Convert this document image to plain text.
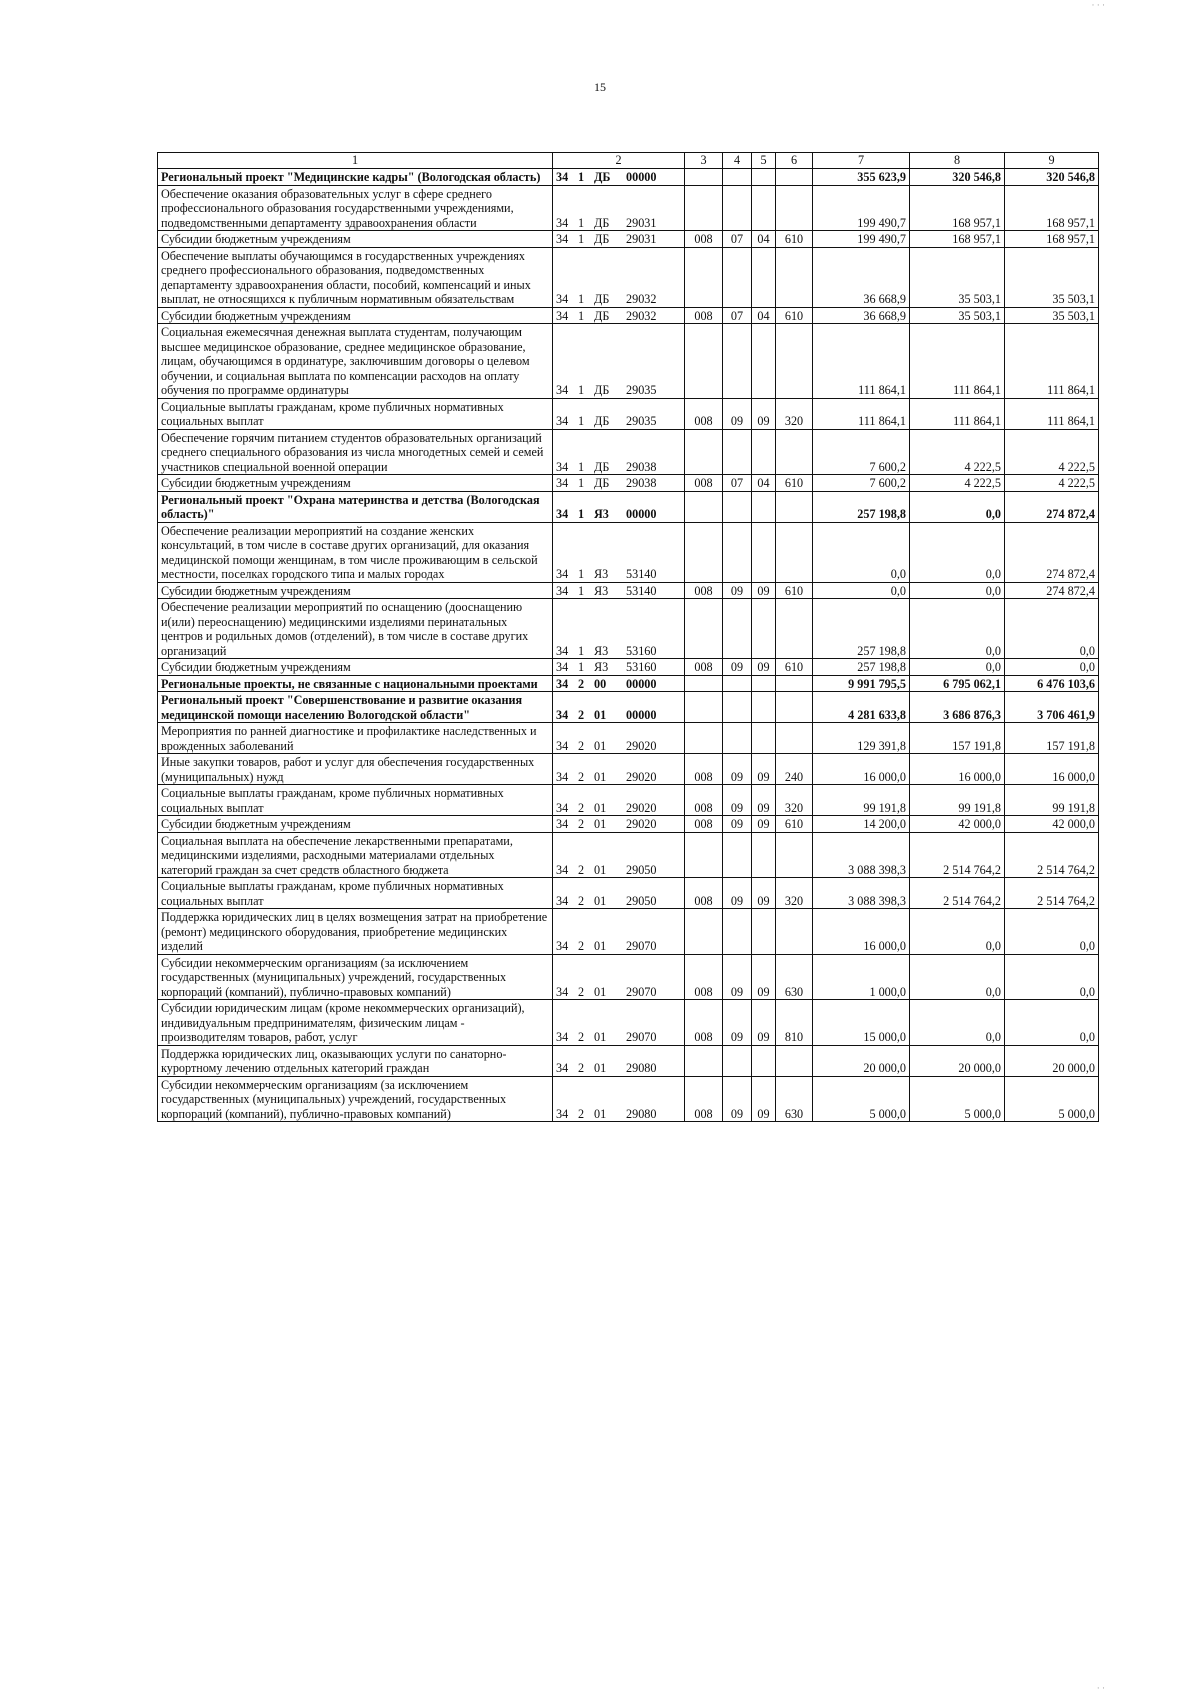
· · ·
15
1	2	3	4	5	6	7	8	9
Региональный проект "Медицинские кадры" (Вологодская область)	34 1 ДБ 00000					355 623,9	320 546,8	320 546,8
Обеспечение оказания образовательных услуг в сфере среднего профессионального образования государственными учреждениями, подведомственными департаменту здравоохранения области	34 1 ДБ 29031					199 490,7	168 957,1	168 957,1
Субсидии бюджетным учреждениям	34 1 ДБ 29031	008	07	04	610	199 490,7	168 957,1	168 957,1
Обеспечение выплаты обучающимся в государственных учреждениях среднего профессионального образования, подведомственных департаменту здравоохранения области, пособий, компенсаций и иных выплат, не относящихся к публичным нормативным обязательствам	34 1 ДБ 29032					36 668,9	35 503,1	35 503,1
Субсидии бюджетным учреждениям	34 1 ДБ 29032	008	07	04	610	36 668,9	35 503,1	35 503,1
Социальная ежемесячная денежная выплата студентам, получающим высшее медицинское образование, среднее медицинское образование, лицам, обучающимся в ординатуре, заключившим договоры о целевом обучении, и социальная выплата по компенсации расходов на оплату обучения по программе ординатуры	34 1 ДБ 29035					111 864,1	111 864,1	111 864,1
Социальные выплаты гражданам, кроме публичных нормативных социальных выплат	34 1 ДБ 29035	008	09	09	320	111 864,1	111 864,1	111 864,1
Обеспечение горячим питанием студентов образовательных организаций среднего специального образования из числа многодетных семей и семей участников специальной военной операции	34 1 ДБ 29038					7 600,2	4 222,5	4 222,5
Субсидии бюджетным учреждениям	34 1 ДБ 29038	008	07	04	610	7 600,2	4 222,5	4 222,5
Региональный проект "Охрана материнства и детства (Вологодская область)"	34 1 Я3 00000					257 198,8	0,0	274 872,4
Обеспечение реализации мероприятий на создание женских консультаций, в том числе в составе других организаций, для оказания медицинской помощи женщинам, в том числе проживающим в сельской местности, поселках городского типа и малых городах	34 1 Я3 53140					0,0	0,0	274 872,4
Субсидии бюджетным учреждениям	34 1 Я3 53140	008	09	09	610	0,0	0,0	274 872,4
Обеспечение реализации мероприятий по оснащению (дооснащению и(или) переоснащению) медицинскими изделиями перинатальных центров и родильных домов (отделений), в том числе в составе других организаций	34 1 Я3 53160					257 198,8	0,0	0,0
Субсидии бюджетным учреждениям	34 1 Я3 53160	008	09	09	610	257 198,8	0,0	0,0
Региональные проекты, не связанные с национальными проектами	34 2 00 00000					9 991 795,5	6 795 062,1	6 476 103,6
Региональный проект "Совершенствование и развитие оказания медицинской помощи населению Вологодской области"	34 2 01 00000					4 281 633,8	3 686 876,3	3 706 461,9
Мероприятия по ранней диагностике и профилактике наследственных и врожденных заболеваний	34 2 01 29020					129 391,8	157 191,8	157 191,8
Иные закупки товаров, работ и услуг для обеспечения государственных (муниципальных) нужд	34 2 01 29020	008	09	09	240	16 000,0	16 000,0	16 000,0
Социальные выплаты гражданам, кроме публичных нормативных социальных выплат	34 2 01 29020	008	09	09	320	99 191,8	99 191,8	99 191,8
Субсидии бюджетным учреждениям	34 2 01 29020	008	09	09	610	14 200,0	42 000,0	42 000,0
Социальная выплата на обеспечение лекарственными препаратами, медицинскими изделиями, расходными материалами отдельных категорий граждан за счет средств областного бюджета	34 2 01 29050					3 088 398,3	2 514 764,2	2 514 764,2
Социальные выплаты гражданам, кроме публичных нормативных социальных выплат	34 2 01 29050	008	09	09	320	3 088 398,3	2 514 764,2	2 514 764,2
Поддержка юридических лиц в целях возмещения затрат на приобретение (ремонт) медицинского оборудования, приобретение медицинских изделий	34 2 01 29070					16 000,0	0,0	0,0
Субсидии некоммерческим организациям (за исключением государственных (муниципальных) учреждений, государственных корпораций (компаний), публично-правовых компаний)	34 2 01 29070	008	09	09	630	1 000,0	0,0	0,0
Субсидии юридическим лицам (кроме некоммерческих организаций), индивидуальным предпринимателям, физическим лицам - производителям товаров, работ, услуг	34 2 01 29070	008	09	09	810	15 000,0	0,0	0,0
Поддержка юридических лиц, оказывающих услуги по санаторно-курортному лечению отдельных категорий граждан	34 2 01 29080					20 000,0	20 000,0	20 000,0
Субсидии некоммерческим организациям (за исключением государственных (муниципальных) учреждений, государственных корпораций (компаний), публично-правовых компаний)	34 2 01 29080	008	09	09	630	5 000,0	5 000,0	5 000,0
· ·
